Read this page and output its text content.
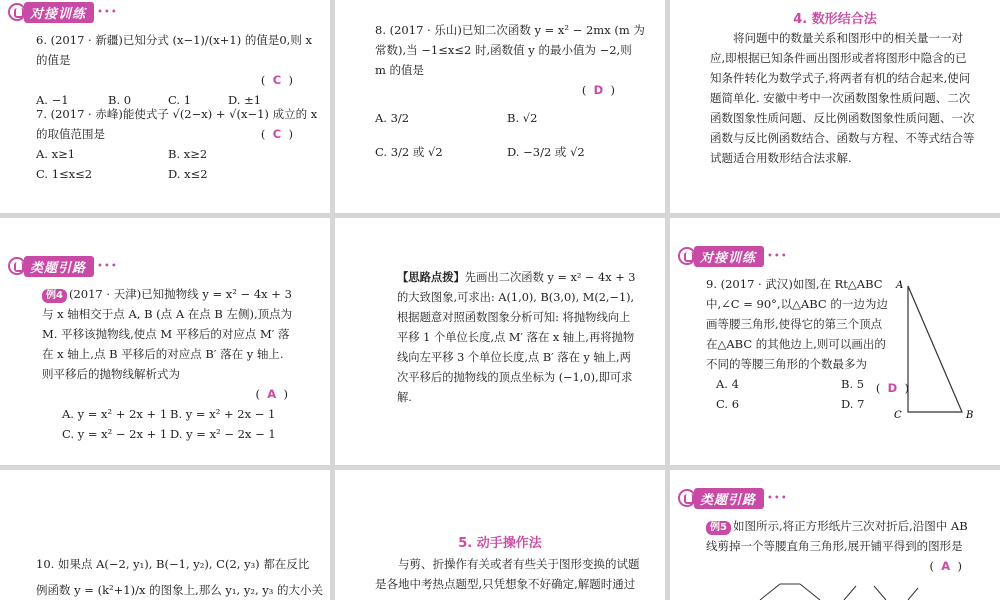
对接训练	•••
6. (2017 · 新疆)已知分式 (x−1)/(x+1) 的值是0,则 x 的值是
( C )
A. −1	B. 0	C. 1	D. ±1
7. (2017 · 赤峰)能使式子 √(2−x) + √(x−1) 成立的 x 的取值范围是	( C )
A. x≥1	B. x≥2
C. 1≤x≤2	D. x≤2
8. (2017 · 乐山)已知二次函数 y = x² − 2mx (m 为常数),当 −1≤x≤2 时,函数值 y 的最小值为 −2,则 m 的值是
( D )
A. 3/2	B. √2
C. 3/2 或 √2	D. −3/2 或 √2
4. 数形结合法
将问题中的数量关系和图形中的相关量一一对应,即根据已知条件画出图形或者将图形中隐含的已知条件转化为数学式子,将两者有机的结合起来,使问题简单化. 安徽中考中一次函数图象性质问题、二次函数图象性质问题、反比例函数图象性质问题、一次函数与反比例函数结合、函数与方程、不等式结合等试题适合用数形结合法求解.
类题引路	•••
例4 (2017 · 天津)已知抛物线 y = x² − 4x + 3 与 x 轴相交于点 A, B (点 A 在点 B 左侧),顶点为 M. 平移该抛物线,使点 M 平移后的对应点 M′ 落在 x 轴上,点 B 平移后的对应点 B′ 落在 y 轴上. 则平移后的抛物线解析式为
( A )
A. y = x² + 2x + 1 B. y = x² + 2x − 1
C. y = x² − 2x + 1 D. y = x² − 2x − 1
【思路点拨】先画出二次函数 y = x² − 4x + 3 的大致图象,可求出: A(1,0), B(3,0), M(2,−1), 根据题意对照函数图象分析可知: 将抛物线向上平移 1 个单位长度,点 M′ 落在 x 轴上,再将抛物线向左平移 3 个单位长度,点 B′ 落在 y 轴上,两次平移后的抛物线的顶点坐标为 (−1,0),即可求解.
对接训练	•••
9. (2017 · 武汉)如图,在 Rt△ABC 中,∠C = 90°,以△ABC 的一边为边画等腰三角形,使得它的第三个顶点在△ABC 的其他边上,则可以画出的不同的等腰三角形的个数最多为
( D )
A. 4	B. 5
C. 6	D. 7
A
C	B
10. 如果点 A(−2, y₁), B(−1, y₂), C(2, y₃) 都在反比
例函数 y = (k²+1)/x 的图象上,那么 y₁, y₂, y₃ 的大小关
5. 动手操作法
与剪、折操作有关或者有些关于图形变换的试题
是各地中考热点题型,只凭想象不好确定,解题时通过
类题引路	•••
例5 如图所示,将正方形纸片三次对折后,沿图中 AB 线剪掉一个等腰直角三角形,展开铺平得到的图形是
( A )
